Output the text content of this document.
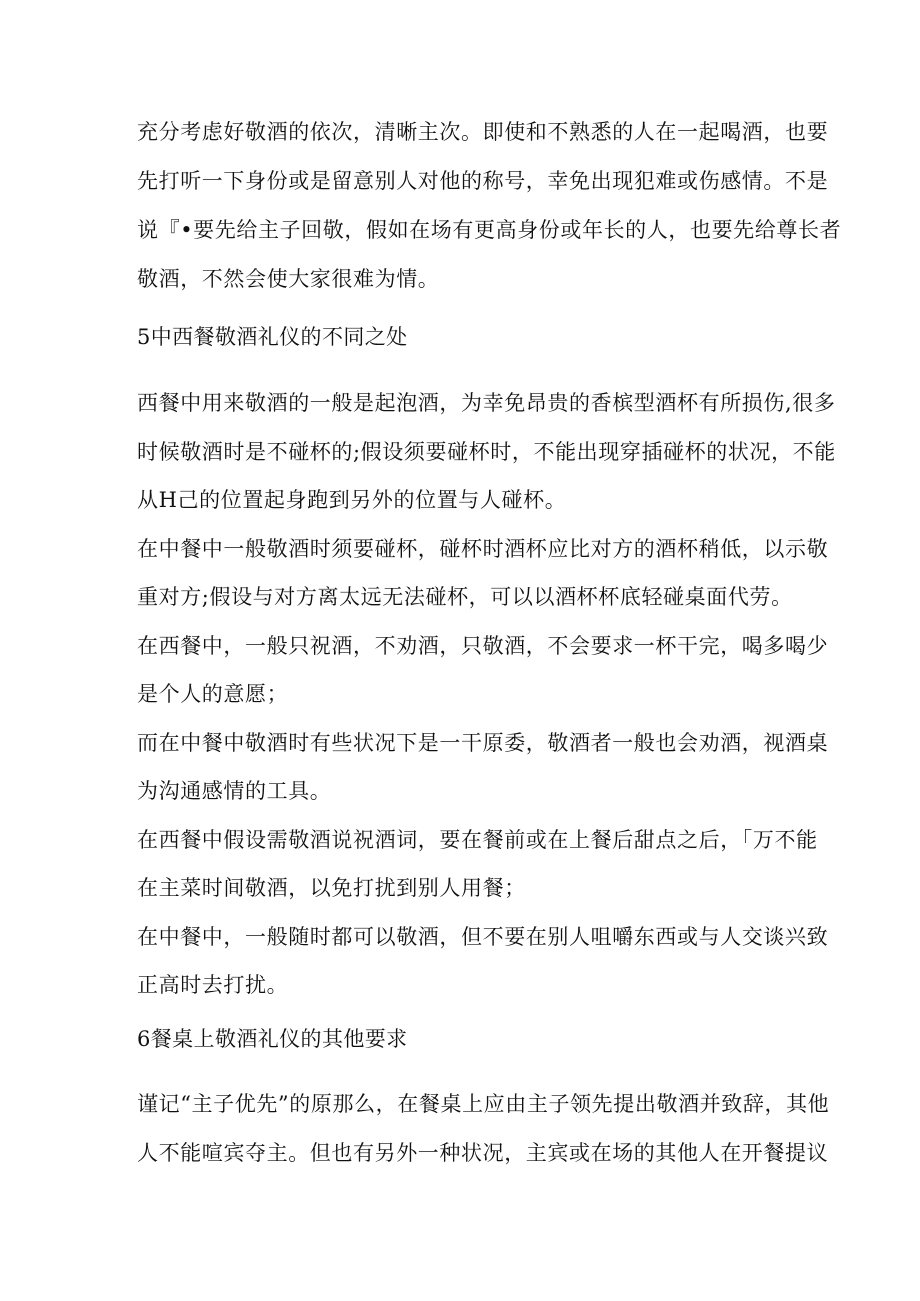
充分考虑好敬酒的依次，清晰主次。即使和不熟悉的人在一起喝酒，也要
先打听一下身份或是留意别人对他的称号，幸免出现犯难或伤感情。不是
说『•要先给主子回敬，假如在场有更高身份或年长的人，也要先给尊长者
敬酒，不然会使大家很难为情。
5中西餐敬酒礼仪的不同之处
西餐中用来敬酒的一般是起泡酒，为幸免昂贵的香槟型酒杯有所损伤,很多
时候敬酒时是不碰杯的;假设须要碰杯时，不能出现穿插碰杯的状况，不能
从H己的位置起身跑到另外的位置与人碰杯。
在中餐中一般敬酒时须要碰杯，碰杯时酒杯应比对方的酒杯稍低，以示敬
重对方;假设与对方离太远无法碰杯，可以以酒杯杯底轻碰桌面代劳。
在西餐中，一般只祝酒，不劝酒，只敬酒，不会要求一杯干完，喝多喝少
是个人的意愿；
而在中餐中敬酒时有些状况下是一干原委，敬酒者一般也会劝酒，视酒桌
为沟通感情的工具。
在西餐中假设需敬酒说祝酒词，要在餐前或在上餐后甜点之后，「万不能
在主菜时间敬酒，以免打扰到别人用餐；
在中餐中，一般随时都可以敬酒，但不要在别人咀嚼东西或与人交谈兴致
正高时去打扰。
6餐桌上敬酒礼仪的其他要求
谨记“主子优先”的原那么，在餐桌上应由主子领先提出敬酒并致辞，其他
人不能喧宾夺主。但也有另外一种状况，主宾或在场的其他人在开餐提议
